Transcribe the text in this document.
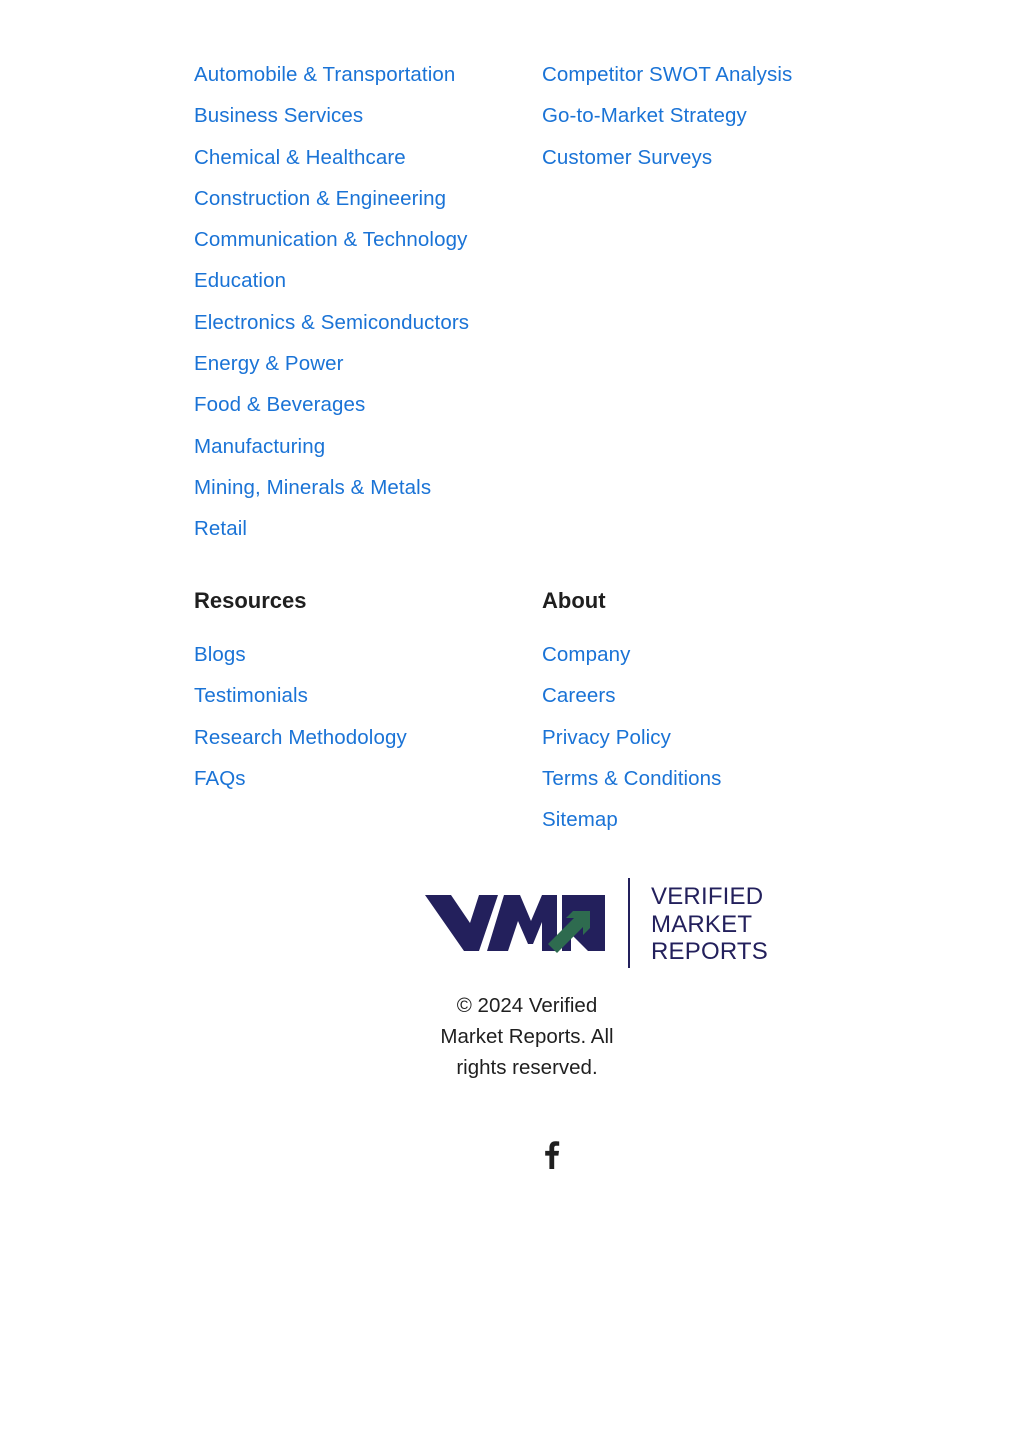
Automobile & Transportation
Business Services
Chemical & Healthcare
Construction & Engineering
Communication & Technology
Education
Electronics & Semiconductors
Energy & Power
Food & Beverages
Manufacturing
Mining, Minerals & Metals
Retail
Competitor SWOT Analysis
Go-to-Market Strategy
Customer Surveys
Resources	About
Blogs
Testimonials
Research Methodology
FAQs
Company
Careers
Privacy Policy
Terms & Conditions
Sitemap
VERIFIED
MARKET
REPORTS
© 2024 Verified
Market Reports. All
rights reserved.
